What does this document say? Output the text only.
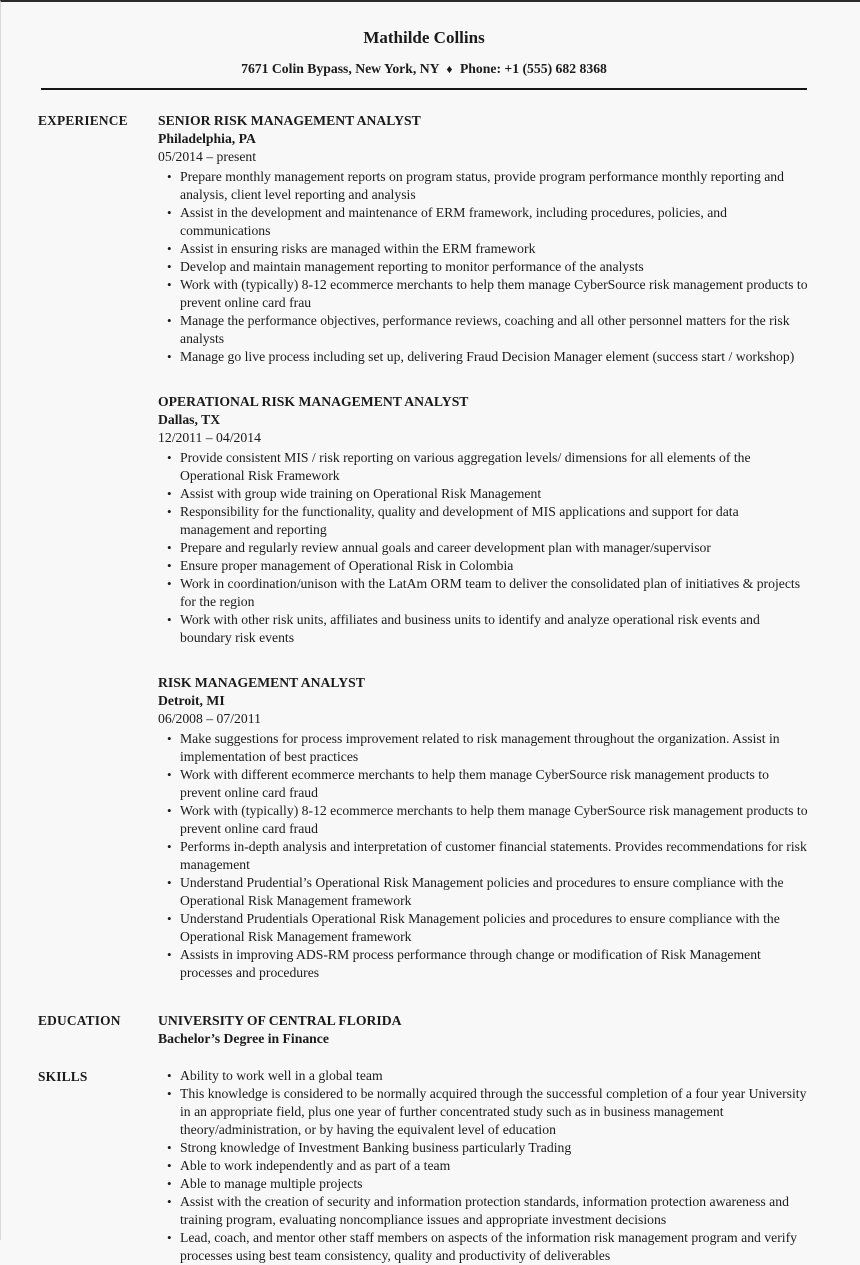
Mathilde Collins
7671 Colin Bypass, New York, NY ♦ Phone: +1 (555) 682 8368
EXPERIENCE	SENIOR RISK MANAGEMENT ANALYST
Philadelphia, PA
05/2014 – present
• Prepare monthly management reports on program status, provide program performance monthly reporting and analysis, client level reporting and analysis
• Assist in the development and maintenance of ERM framework, including procedures, policies, and communications
• Assist in ensuring risks are managed within the ERM framework
• Develop and maintain management reporting to monitor performance of the analysts
• Work with (typically) 8-12 ecommerce merchants to help them manage CyberSource risk management products to prevent online card frau
• Manage the performance objectives, performance reviews, coaching and all other personnel matters for the risk analysts
• Manage go live process including set up, delivering Fraud Decision Manager element (success start / workshop)
OPERATIONAL RISK MANAGEMENT ANALYST
Dallas, TX
12/2011 – 04/2014
• Provide consistent MIS / risk reporting on various aggregation levels/ dimensions for all elements of the Operational Risk Framework
• Assist with group wide training on Operational Risk Management
• Responsibility for the functionality, quality and development of MIS applications and support for data management and reporting
• Prepare and regularly review annual goals and career development plan with manager/supervisor
• Ensure proper management of Operational Risk in Colombia
• Work in coordination/unison with the LatAm ORM team to deliver the consolidated plan of initiatives & projects for the region
• Work with other risk units, affiliates and business units to identify and analyze operational risk events and boundary risk events
RISK MANAGEMENT ANALYST
Detroit, MI
06/2008 – 07/2011
• Make suggestions for process improvement related to risk management throughout the organization. Assist in implementation of best practices
• Work with different ecommerce merchants to help them manage CyberSource risk management products to prevent online card fraud
• Work with (typically) 8-12 ecommerce merchants to help them manage CyberSource risk management products to prevent online card fraud
• Performs in-depth analysis and interpretation of customer financial statements. Provides recommendations for risk management
• Understand Prudential’s Operational Risk Management policies and procedures to ensure compliance with the Operational Risk Management framework
• Understand Prudentials Operational Risk Management policies and procedures to ensure compliance with the Operational Risk Management framework
• Assists in improving ADS-RM process performance through change or modification of Risk Management processes and procedures
EDUCATION	UNIVERSITY OF CENTRAL FLORIDA
Bachelor’s Degree in Finance
SKILLS	• Ability to work well in a global team
• This knowledge is considered to be normally acquired through the successful completion of a four year University in an appropriate field, plus one year of further concentrated study such as in business management theory/administration, or by having the equivalent level of education
• Strong knowledge of Investment Banking business particularly Trading
• Able to work independently and as part of a team
• Able to manage multiple projects
• Assist with the creation of security and information protection standards, information protection awareness and training program, evaluating noncompliance issues and appropriate investment decisions
• Lead, coach, and mentor other staff members on aspects of the information risk management program and verify processes using best team consistency, quality and productivity of deliverables
